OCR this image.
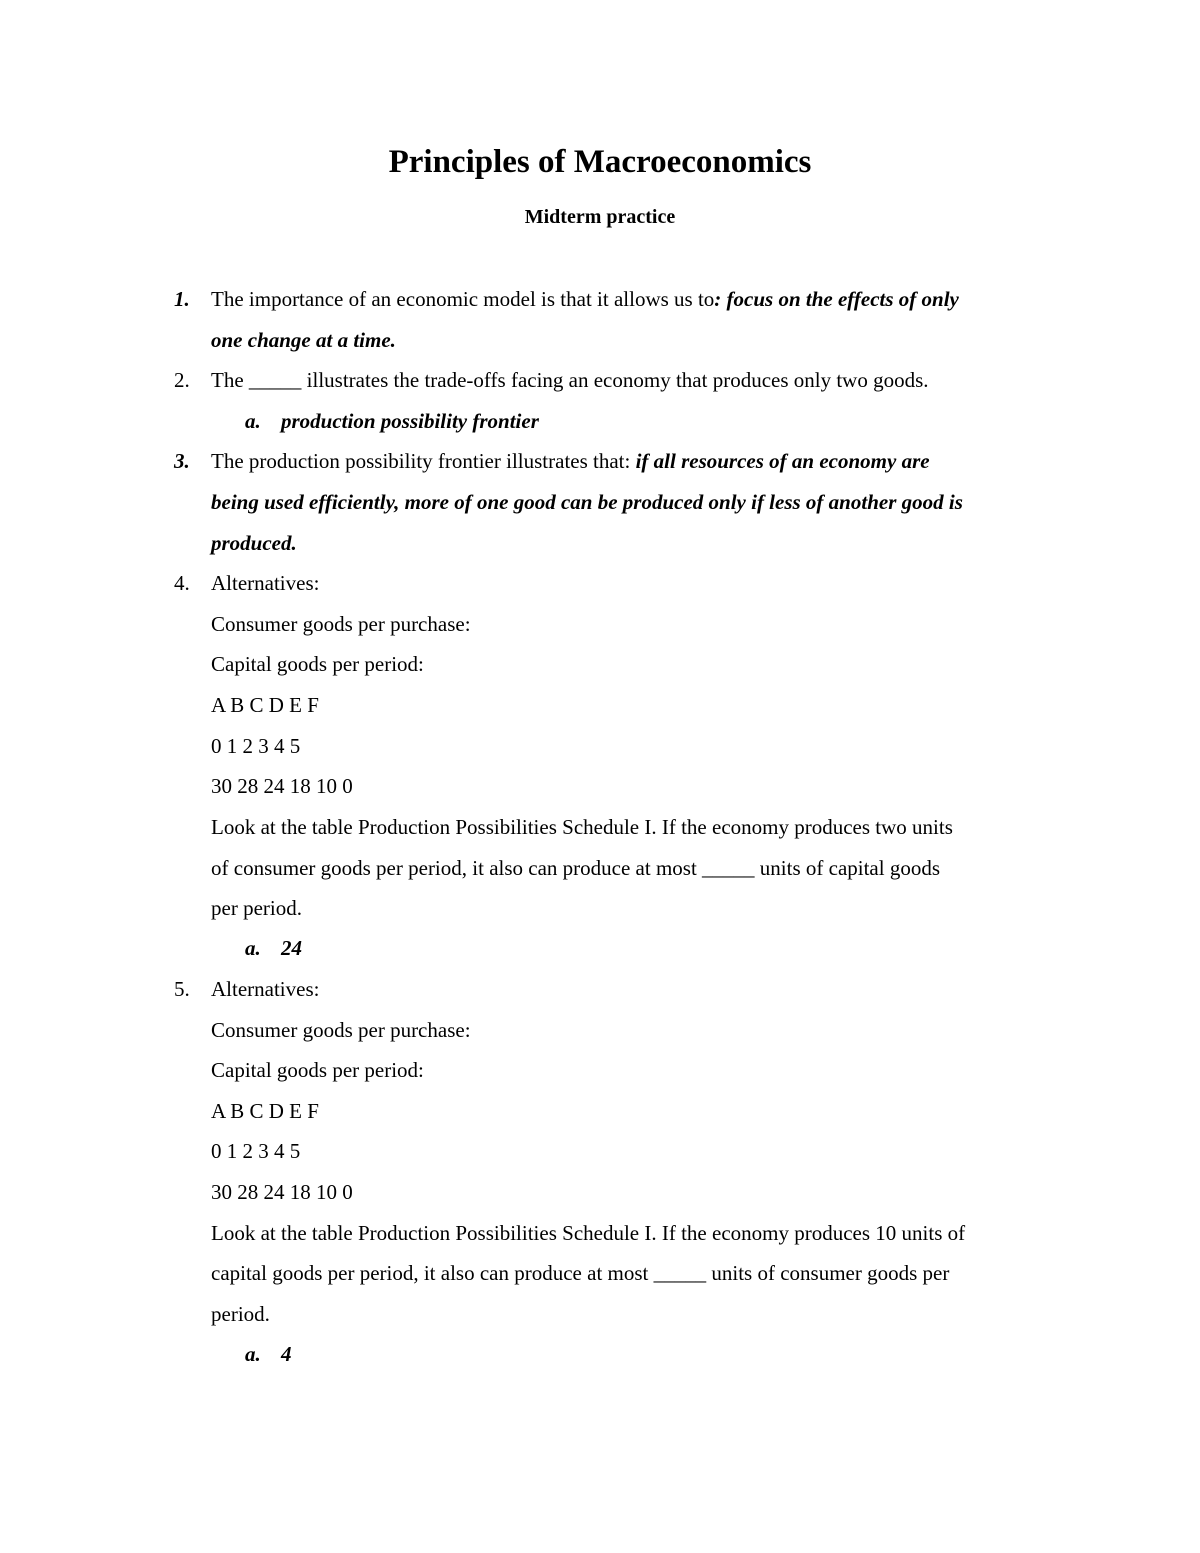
Principles of Macroeconomics
Midterm practice
1. The importance of an economic model is that it allows us to: focus on the effects of only
one change at a time.
2. The _____ illustrates the trade-offs facing an economy that produces only two goods.
a. production possibility frontier
3. The production possibility frontier illustrates that: if all resources of an economy are
being used efficiently, more of one good can be produced only if less of another good is
produced.
4. Alternatives:
Consumer goods per purchase:
Capital goods per period:
A B C D E F
0 1 2 3 4 5
30 28 24 18 10 0
Look at the table Production Possibilities Schedule I. If the economy produces two units
of consumer goods per period, it also can produce at most _____ units of capital goods
per period.
a. 24
5. Alternatives:
Consumer goods per purchase:
Capital goods per period:
A B C D E F
0 1 2 3 4 5
30 28 24 18 10 0
Look at the table Production Possibilities Schedule I. If the economy produces 10 units of
capital goods per period, it also can produce at most _____ units of consumer goods per
period.
a. 4
